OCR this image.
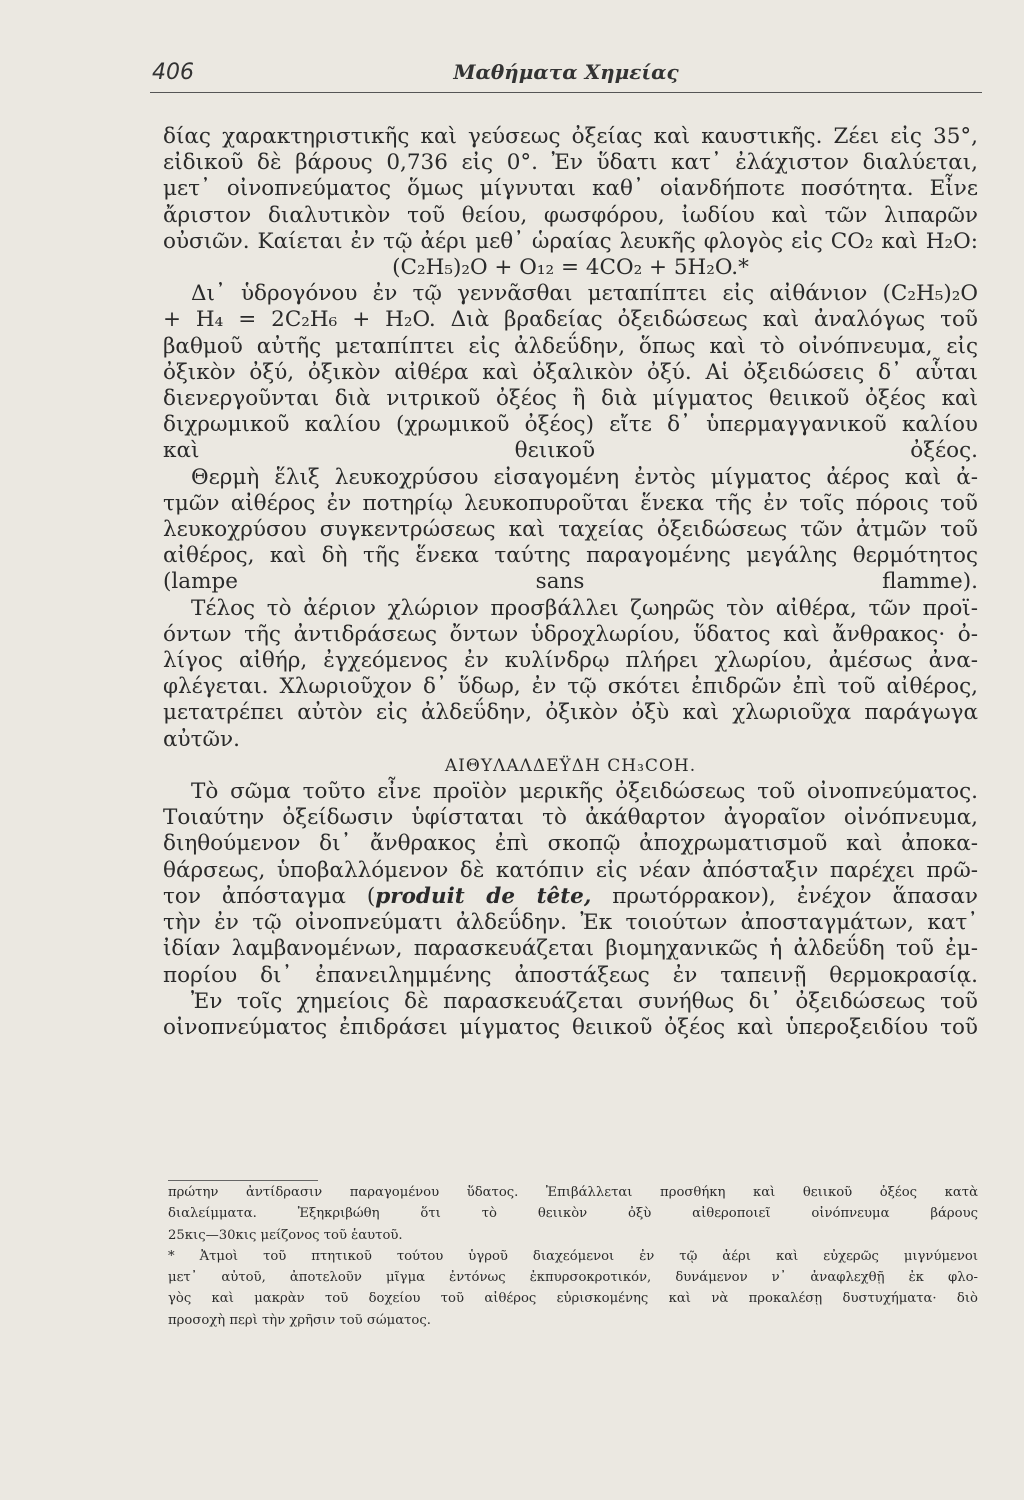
406	Μαθήματα Χημείας

δίας χαρακτηριστικῆς καὶ γεύσεως ὀξείας καὶ καυστικῆς. Ζέει εἰς 35°,
εἰδικοῦ δὲ βάρους 0,736 εἰς 0°. Ἐν ὕδατι κατ᾽ ἐλάχιστον διαλύεται,
μετ᾽ οἰνοπνεύματος ὅμως μίγνυται καθ᾽ οἱανδήποτε ποσότητα. Εἶνε
ἄριστον διαλυτικὸν τοῦ θείου, φωσφόρου, ἰωδίου καὶ τῶν λιπαρῶν
οὐσιῶν. Καίεται ἐν τῷ ἀέρι μεθ᾽ ὡραίας λευκῆς φλογὸς εἰς CO₂ καὶ H₂O:

(C₂H₅)₂O + O₁₂ = 4CO₂ + 5H₂O.*

Δι᾽ ὑδρογόνου ἐν τῷ γεννᾶσθαι μεταπίπτει εἰς αἰθάνιον (C₂H₅)₂O
+ H₄ = 2C₂H₆ + H₂O. Διὰ βραδείας ὀξειδώσεως καὶ ἀναλόγως τοῦ
βαθμοῦ αὐτῆς μεταπίπτει εἰς ἀλδεΰδην, ὅπως καὶ τὸ οἰνόπνευμα, εἰς
ὀξικὸν ὀξύ, ὀξικὸν αἰθέρα καὶ ὀξαλικὸν ὀξύ. Αἱ ὀξειδώσεις δ᾽ αὗται
διενεργοῦνται διὰ νιτρικοῦ ὀξέος ἢ διὰ μίγματος θειικοῦ ὀξέος καὶ
διχρωμικοῦ καλίου (χρωμικοῦ ὀξέος) εἴτε δ᾽ ὑπερμαγγανικοῦ καλίου
καὶ θειικοῦ ὀξέος.

Θερμὴ ἕλιξ λευκοχρύσου εἰσαγομένη ἐντὸς μίγματος ἀέρος καὶ ἀ-
τμῶν αἰθέρος ἐν ποτηρίῳ λευκοπυροῦται ἕνεκα τῆς ἐν τοῖς πόροις τοῦ
λευκοχρύσου συγκεντρώσεως καὶ ταχείας ὀξειδώσεως τῶν ἀτμῶν τοῦ
αἰθέρος, καὶ δὴ τῆς ἕνεκα ταύτης παραγομένης μεγάλης θερμότητος
(lampe sans flamme).

Τέλος τὸ ἀέριον χλώριον προσβάλλει ζωηρῶς τὸν αἰθέρα, τῶν προϊ-
όντων τῆς ἀντιδράσεως ὄντων ὑδροχλωρίου, ὕδατος καὶ ἄνθρακος· ὀ-
λίγος αἰθήρ, ἐγχεόμενος ἐν κυλίνδρῳ πλήρει χλωρίου, ἀμέσως ἀνα-
φλέγεται. Χλωριοῦχον δ᾽ ὕδωρ, ἐν τῷ σκότει ἐπιδρῶν ἐπὶ τοῦ αἰθέρος,
μετατρέπει αὐτὸν εἰς ἀλδεΰδην, ὀξικὸν ὀξὺ καὶ χλωριοῦχα παράγωγα
αὐτῶν.

ΑΙΘΥΛΑΛΔΕΫΔΗ CH₃COH.

Τὸ σῶμα τοῦτο εἶνε προϊὸν μερικῆς ὀξειδώσεως τοῦ οἰνοπνεύματος.
Τοιαύτην ὀξείδωσιν ὑφίσταται τὸ ἀκάθαρτον ἀγοραῖον οἰνόπνευμα,
διηθούμενον δι᾽ ἄνθρακος ἐπὶ σκοπῷ ἀποχρωματισμοῦ καὶ ἀποκα-
θάρσεως, ὑποβαλλόμενον δὲ κατόπιν εἰς νέαν ἀπόσταξιν παρέχει πρῶ-
τον ἀπόσταγμα (produit de tête, πρωτόρρακον), ἐνέχον ἅπασαν
τὴν ἐν τῷ οἰνοπνεύματι ἀλδεΰδην. Ἐκ τοιούτων ἀποσταγμάτων, κατ᾽
ἰδίαν λαμβανομένων, παρασκευάζεται βιομηχανικῶς ἡ ἀλδεΰδη τοῦ ἐμ-
πορίου δι᾽ ἐπανειλημμένης ἀποστάξεως ἐν ταπεινῇ θερμοκρασίᾳ.

Ἐν τοῖς χημείοις δὲ παρασκευάζεται συνήθως δι᾽ ὀξειδώσεως τοῦ
οἰνοπνεύματος ἐπιδράσει μίγματος θειικοῦ ὀξέος καὶ ὑπεροξειδίου τοῦ

πρώτην ἀντίδρασιν παραγομένου ὕδατος. Ἐπιβάλλεται προσθήκη καὶ θειικοῦ ὀξέος κατὰ
διαλείμματα. Ἐξηκριβώθη ὅτι τὸ θειικὸν ὀξὺ αἰθεροποιεῖ οἰνόπνευμα βάρους

25κις—30κις μείζονος τοῦ ἑαυτοῦ.

* Ἀτμοὶ τοῦ πτητικοῦ τούτου ὑγροῦ διαχεόμενοι ἐν τῷ ἀέρι καὶ εὐχερῶς μιγνύμενοι
μετ᾽ αὐτοῦ, ἀποτελοῦν μῖγμα ἐντόνως ἐκπυρσοκροτικόν, δυνάμενον ν᾽ ἀναφλεχθῇ ἐκ φλο-
γὸς καὶ μακρὰν τοῦ δοχείου τοῦ αἰθέρος εὑρισκομένης καὶ νὰ προκαλέσῃ δυστυχήματα· διὸ

προσοχὴ περὶ τὴν χρῆσιν τοῦ σώματος.
